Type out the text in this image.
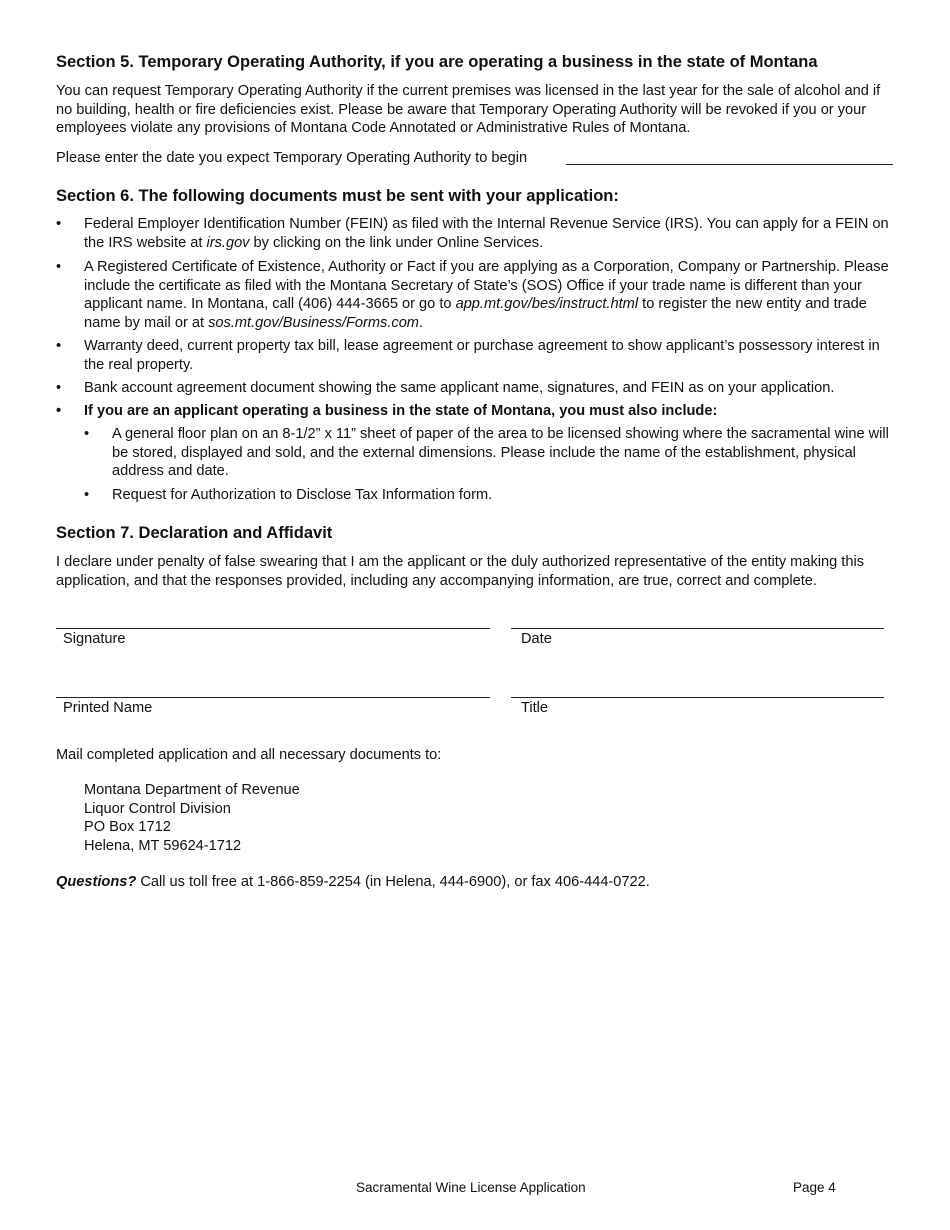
Section 5. Temporary Operating Authority, if you are operating a business in the state of Montana
You can request Temporary Operating Authority if the current premises was licensed in the last year for the sale of alcohol and if no building, health or fire deficiencies exist. Please be aware that Temporary Operating Authority will be revoked if you or your employees violate any provisions of Montana Code Annotated or Administrative Rules of Montana.
Please enter the date you expect Temporary Operating Authority to begin
Section 6. The following documents must be sent with your application:
• Federal Employer Identification Number (FEIN) as filed with the Internal Revenue Service (IRS). You can apply for a FEIN on the IRS website at irs.gov by clicking on the link under Online Services.
• A Registered Certificate of Existence, Authority or Fact if you are applying as a Corporation, Company or Partnership. Please include the certificate as filed with the Montana Secretary of State’s (SOS) Office if your trade name is different than your applicant name. In Montana, call (406) 444-3665 or go to app.mt.gov/bes/instruct.html to register the new entity and trade name by mail or at sos.mt.gov/Business/Forms.com.
• Warranty deed, current property tax bill, lease agreement or purchase agreement to show applicant’s possessory interest in the real property.
• Bank account agreement document showing the same applicant name, signatures, and FEIN as on your application.
• If you are an applicant operating a business in the state of Montana, you must also include:
• A general floor plan on an 8-1/2” x 11” sheet of paper of the area to be licensed showing where the sacramental wine will be stored, displayed and sold, and the external dimensions. Please include the name of the establishment, physical address and date.
• Request for Authorization to Disclose Tax Information form.
Section 7. Declaration and Affidavit
I declare under penalty of false swearing that I am the applicant or the duly authorized representative of the entity making this application, and that the responses provided, including any accompanying information, are true, correct and complete.
Signature	Date
Printed Name	Title
Mail completed application and all necessary documents to:
Montana Department of Revenue
Liquor Control Division
PO Box 1712
Helena, MT 59624-1712
Questions? Call us toll free at 1-866-859-2254 (in Helena, 444-6900), or fax 406-444-0722.
Sacramental Wine License Application	Page 4
